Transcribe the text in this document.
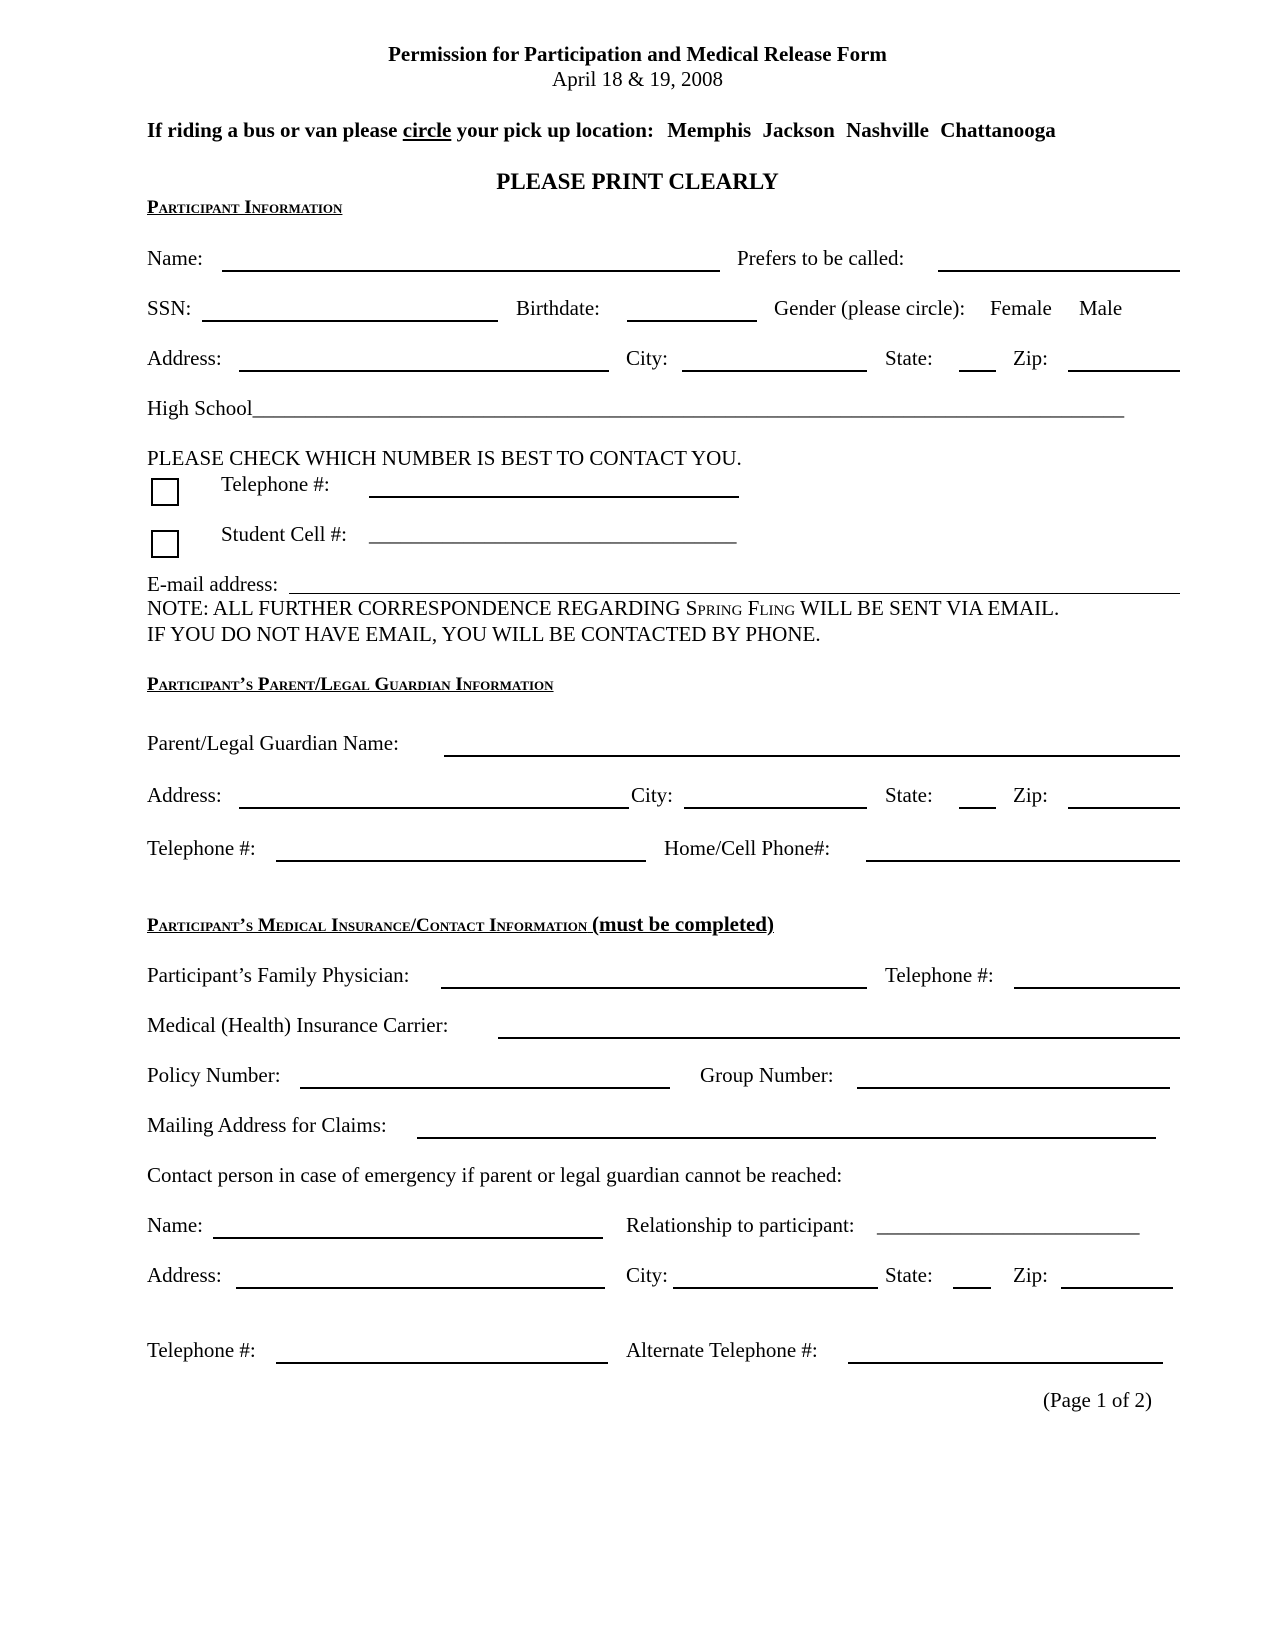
Permission for Participation and Medical Release Form
April 18 & 19, 2008
If riding a bus or van please circle your pick up location: Memphis Jackson Nashville Chattanooga
PLEASE PRINT CLEARLY
Participant Information
Name:	Prefers to be called:
SSN:	Birthdate:	Gender (please circle): Female Male
Address:	City:	State:	Zip:
High School___________________________________________________________________________________
PLEASE CHECK WHICH NUMBER IS BEST TO CONTACT YOU.
Telephone #:
Student Cell #: ___________________________________
E-mail address:
NOTE: ALL FURTHER CORRESPONDENCE REGARDING Spring Fling WILL BE SENT VIA EMAIL.
IF YOU DO NOT HAVE EMAIL, YOU WILL BE CONTACTED BY PHONE.
Participant’s Parent/Legal Guardian Information
Parent/Legal Guardian Name:
Address:	City:	State:	Zip:
Telephone #:	Home/Cell Phone#:
Participant’s Medical Insurance/Contact Information (must be completed)
Participant’s Family Physician:	Telephone #:
Medical (Health) Insurance Carrier:
Policy Number:	Group Number:
Mailing Address for Claims:
Contact person in case of emergency if parent or legal guardian cannot be reached:
Name:	Relationship to participant: _________________________
Address:	City:	State:	Zip:
Telephone #:	Alternate Telephone #:
(Page 1 of 2)
